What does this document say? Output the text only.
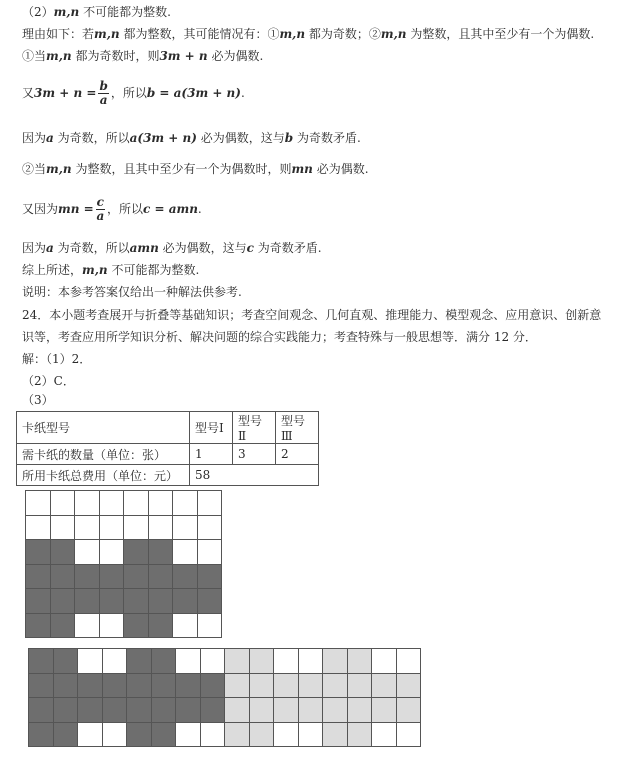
（2）m,n 不可能都为整数.
理由如下：若m,n 都为整数，其可能情况有：①m,n 都为奇数；②m,n 为整数，且其中至少有一个为偶数.
①当m,n 都为奇数时，则3m + n 必为偶数.
又$3m + n = \frac{b}{a}$ ，所以b = a(3m + n).
因为a 为奇数，所以a(3m + n) 必为偶数，这与b 为奇数矛盾.
②当m,n 为整数，且其中至少有一个为偶数时，则mn 必为偶数.
又因为mn = $\frac{c}{a}$ ，所以c = amn.
因为a 为奇数，所以amn 必为偶数，这与c 为奇数矛盾.
综上所述，m,n 不可能都为整数.
说明：本参考答案仅给出一种解法供参考.
24．本小题考查展开与折叠等基础知识；考查空间观念、几何直观、推理能力、模型观念、应用意识、创新意
识等，考查应用所学知识分析、解决问题的综合实践能力；考查特殊与一般思想等．满分 12 分．
解：（1）2．
（2）C．
（3）
卡纸型号	型号Ⅰ	型号Ⅱ	型号Ⅲ
需卡纸的数量（单位：张）	1	3	2
所用卡纸总费用（单位：元）	58		
